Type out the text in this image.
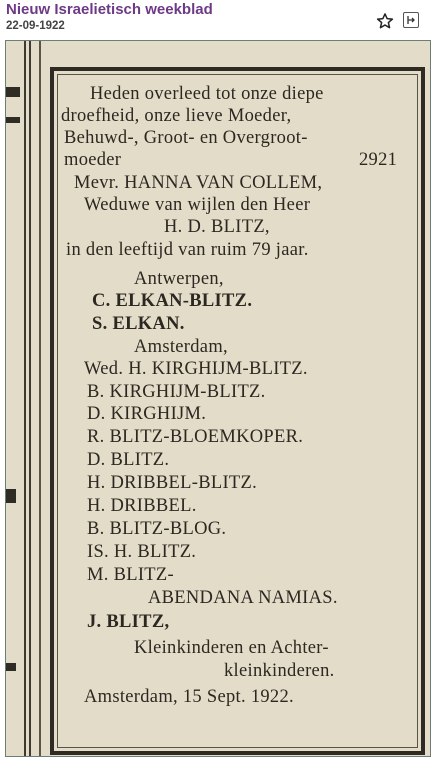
Nieuw Israelietisch weekblad
22-09-1922
Heden overleed tot onze diepe
droefheid, onze lieve Moeder,
Behuwd-, Groot- en Overgroot-
moeder	2921
Mevr. HANNA VAN COLLEM,
Weduwe van wijlen den Heer
H. D. BLITZ,
in den leeftijd van ruim 79 jaar.
Antwerpen,
C. ELKAN-BLITZ.
S. ELKAN.
Amsterdam,
Wed. H. KIRGHIJM-BLITZ.
B. KIRGHIJM-BLITZ.
D. KIRGHIJM.
R. BLITZ-BLOEMKOPER.
D. BLITZ.
H. DRIBBEL-BLITZ.
H. DRIBBEL.
B. BLITZ-BLOG.
IS. H. BLITZ.
M. BLITZ-
ABENDANA NAMIAS.
J. BLITZ,
Kleinkinderen en Achter-
kleinkinderen.
Amsterdam, 15 Sept. 1922.
